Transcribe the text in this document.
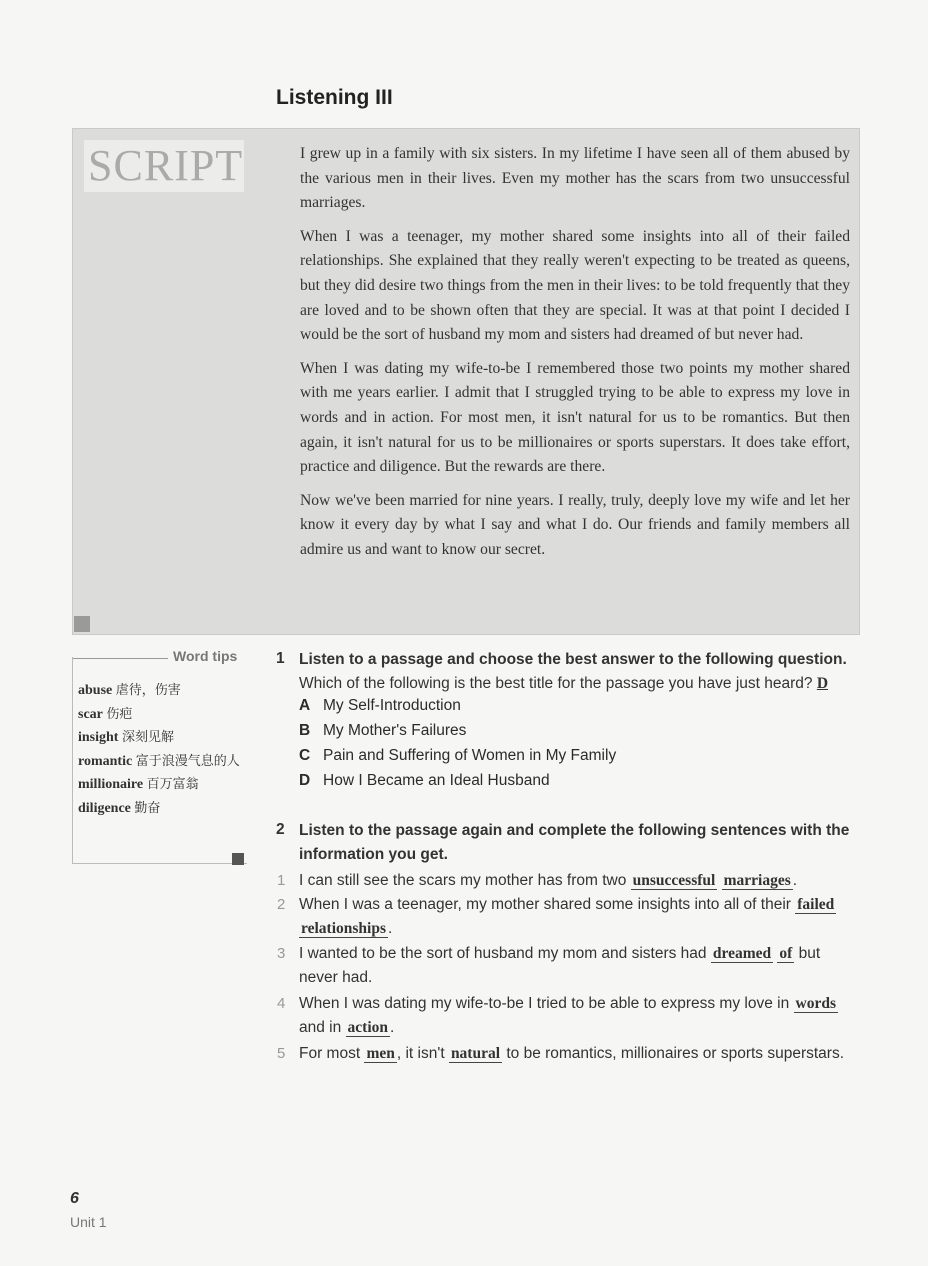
Listening III
SCRIPT	I grew up in a family with six sisters. In my lifetime I have seen all of them abused by the various men in their lives. Even my mother has the scars from two unsuccessful marriages.

When I was a teenager, my mother shared some insights into all of their failed relationships. She explained that they really weren't expecting to be treated as queens, but they did desire two things from the men in their lives: to be told frequently that they are loved and to be shown often that they are special. It was at that point I decided I would be the sort of husband my mom and sisters had dreamed of but never had.

When I was dating my wife-to-be I remembered those two points my mother shared with me years earlier. I admit that I struggled trying to be able to express my love in words and in action. For most men, it isn't natural for us to be romantics. But then again, it isn't natural for us to be millionaires or sports superstars. It does take effort, practice and diligence. But the rewards are there.

Now we've been married for nine years. I really, truly, deeply love my wife and let her know it every day by what I say and what I do. Our friends and family members all admire us and want to know our secret.

Word tips
abuse 虐待，伤害
scar 伤疤
insight 深刻见解
romantic 富于浪漫气息的人
millionaire 百万富翁
diligence 勤奋
1 Listen to a passage and choose the best answer to the following question.
Which of the following is the best title for the passage you have just heard? D
A My Self-Introduction
B My Mother's Failures
C Pain and Suffering of Women in My Family
D How I Became an Ideal Husband
2 Listen to the passage again and complete the following sentences with the information you get.
1 I can still see the scars my mother has from two unsuccessful marriages .
2 When I was a teenager, my mother shared some insights into all of their failed relationships .
3 I wanted to be the sort of husband my mom and sisters had dreamed of but never had.
4 When I was dating my wife-to-be I tried to be able to express my love in words and in action .
5 For most men , it isn't natural to be romantics, millionaires or sports superstars.
6
Unit 1
